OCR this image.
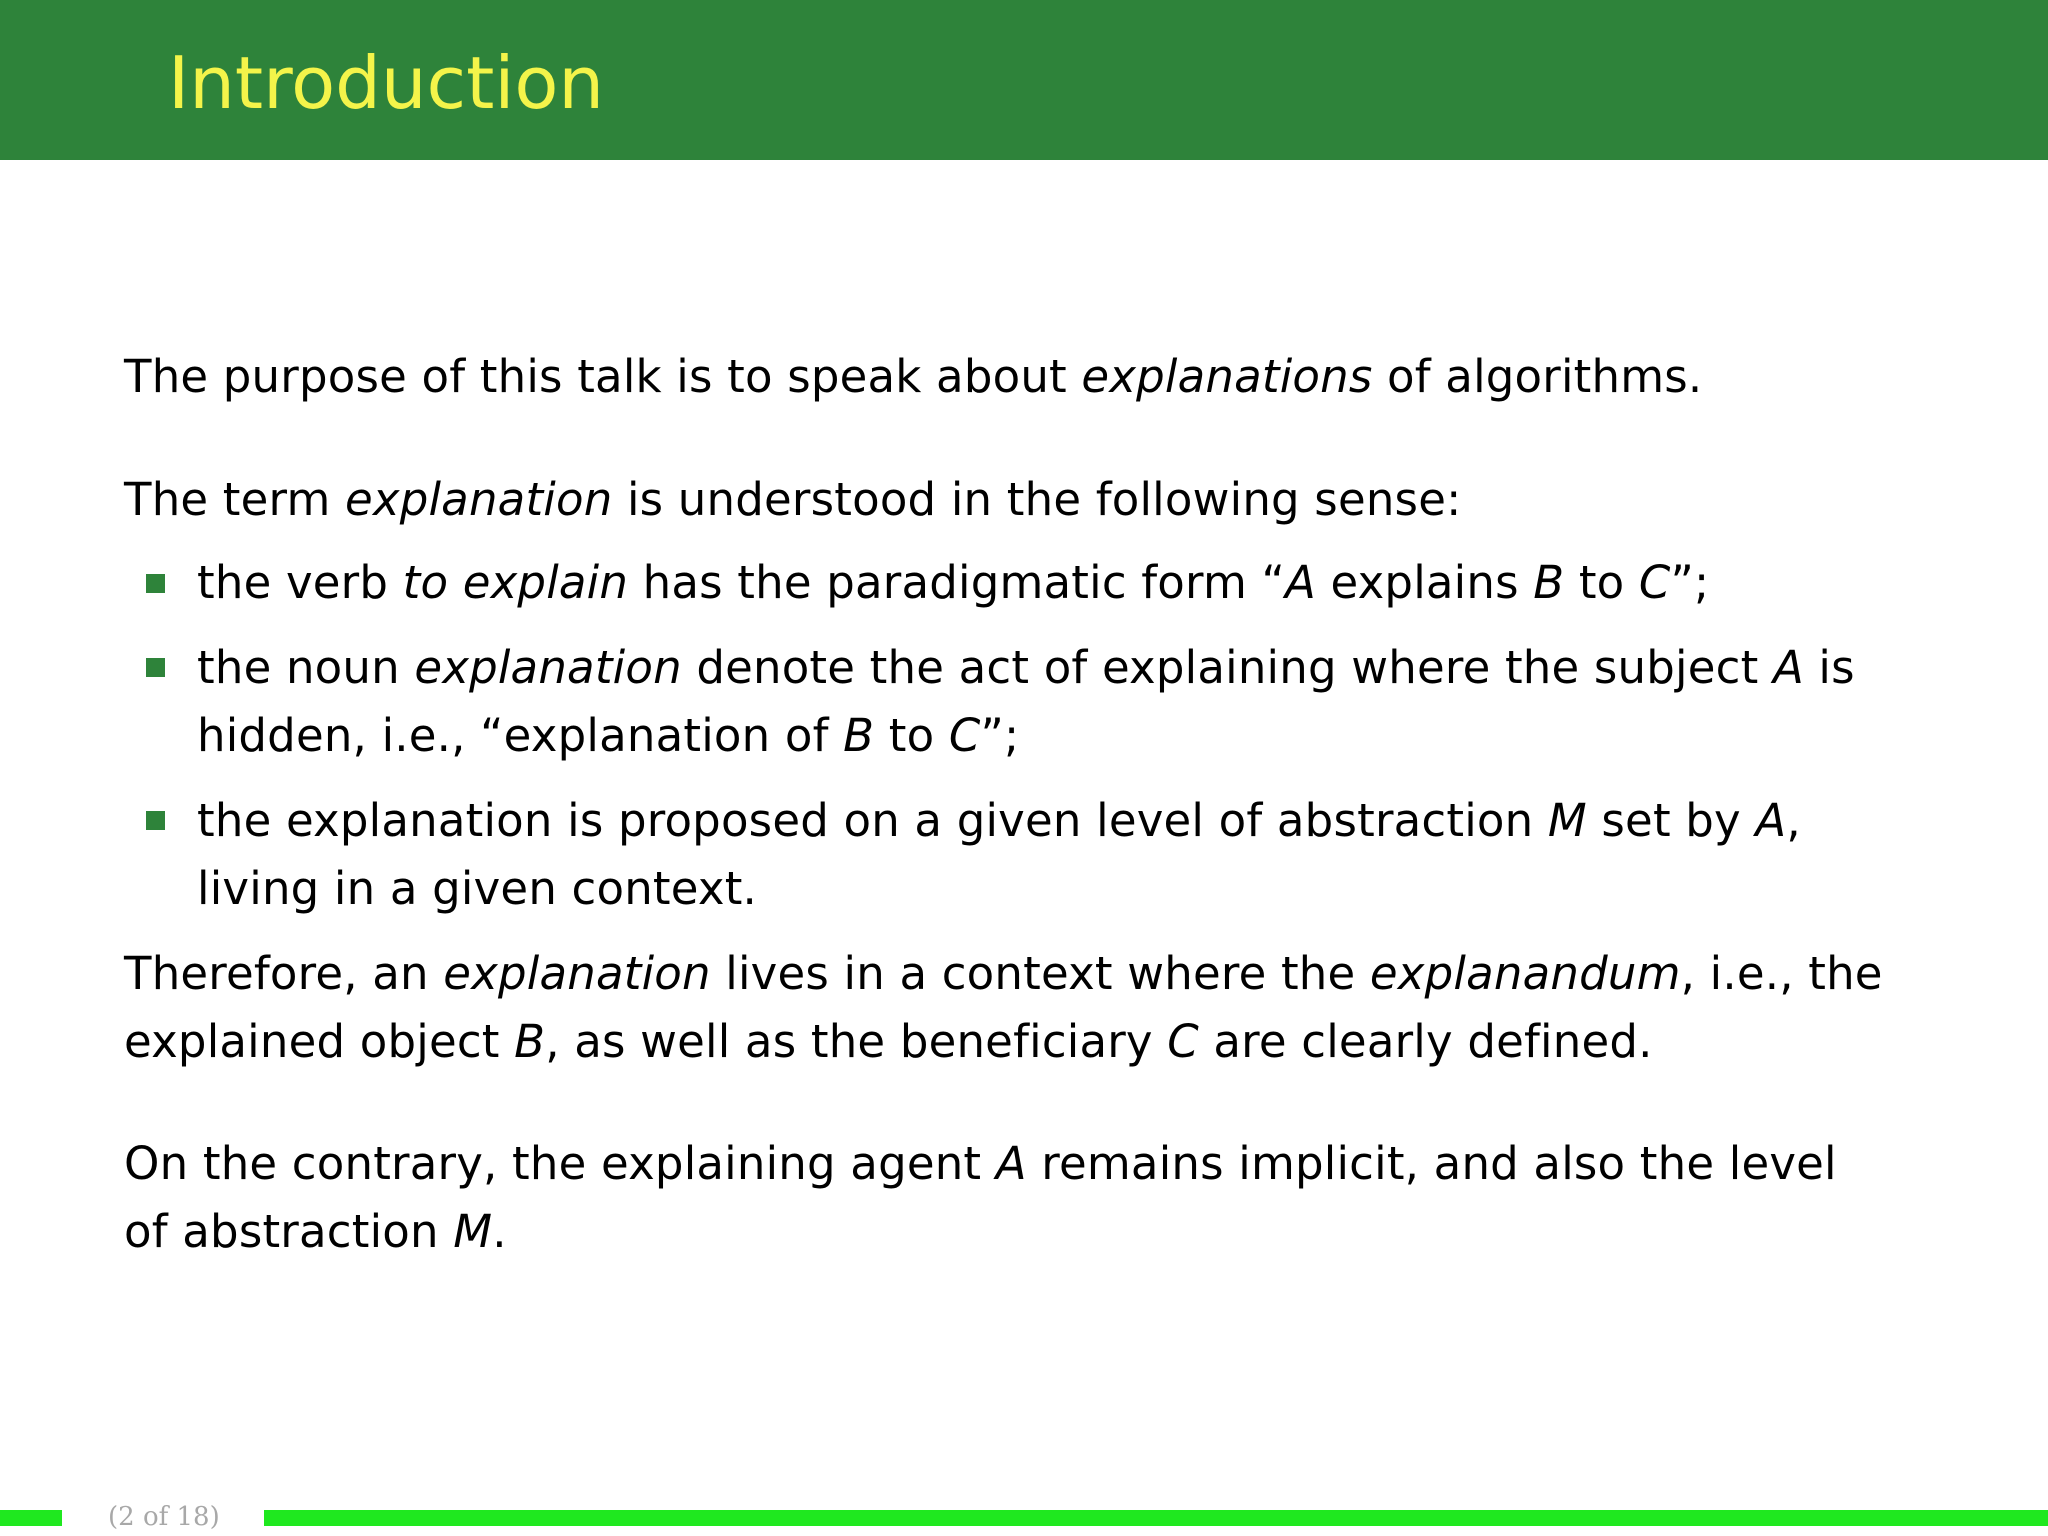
Introduction
The purpose of this talk is to speak about explanations of algorithms.
The term explanation is understood in the following sense:
the verb to explain has the paradigmatic form “A explains B to C”;
the noun explanation denote the act of explaining where the subject A is
hidden, i.e., “explanation of B to C”;
the explanation is proposed on a given level of abstraction M set by A,
living in a given context.
Therefore, an explanation lives in a context where the explanandum, i.e., the
explained object B, as well as the beneficiary C are clearly defined.
On the contrary, the explaining agent A remains implicit, and also the level
of abstraction M.
(2 of 18)
